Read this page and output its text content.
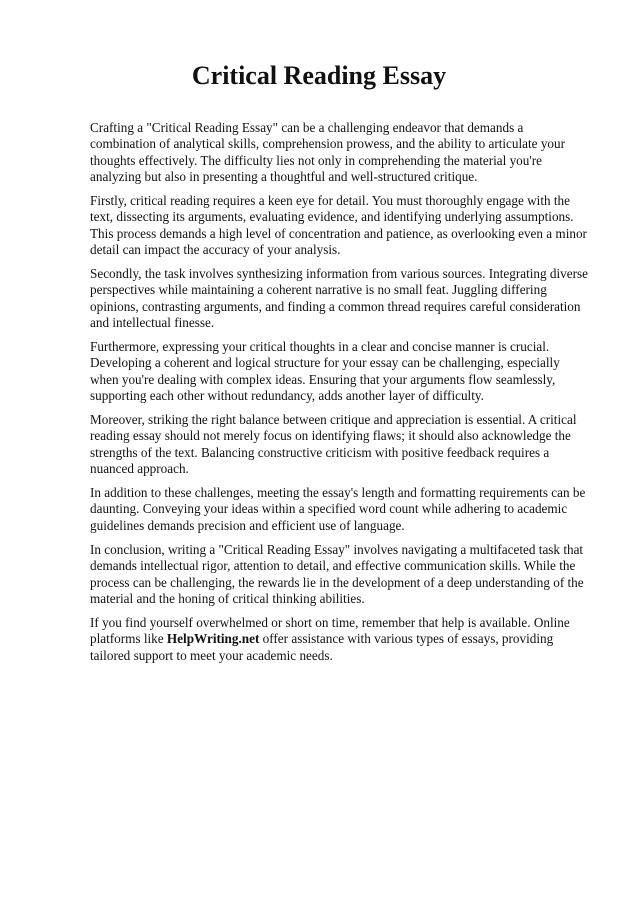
Critical Reading Essay

Crafting a "Critical Reading Essay" can be a challenging endeavor that demands a combination of analytical skills, comprehension prowess, and the ability to articulate your thoughts effectively. The difficulty lies not only in comprehending the material you're analyzing but also in presenting a thoughtful and well-structured critique.

Firstly, critical reading requires a keen eye for detail. You must thoroughly engage with the text, dissecting its arguments, evaluating evidence, and identifying underlying assumptions. This process demands a high level of concentration and patience, as overlooking even a minor detail can impact the accuracy of your analysis.

Secondly, the task involves synthesizing information from various sources. Integrating diverse perspectives while maintaining a coherent narrative is no small feat. Juggling differing opinions, contrasting arguments, and finding a common thread requires careful consideration and intellectual finesse.

Furthermore, expressing your critical thoughts in a clear and concise manner is crucial. Developing a coherent and logical structure for your essay can be challenging, especially when you're dealing with complex ideas. Ensuring that your arguments flow seamlessly, supporting each other without redundancy, adds another layer of difficulty.

Moreover, striking the right balance between critique and appreciation is essential. A critical reading essay should not merely focus on identifying flaws; it should also acknowledge the strengths of the text. Balancing constructive criticism with positive feedback requires a nuanced approach.

In addition to these challenges, meeting the essay's length and formatting requirements can be daunting. Conveying your ideas within a specified word count while adhering to academic guidelines demands precision and efficient use of language.

In conclusion, writing a "Critical Reading Essay" involves navigating a multifaceted task that demands intellectual rigor, attention to detail, and effective communication skills. While the process can be challenging, the rewards lie in the development of a deep understanding of the material and the honing of critical thinking abilities.

If you find yourself overwhelmed or short on time, remember that help is available. Online platforms like HelpWriting.net offer assistance with various types of essays, providing tailored support to meet your academic needs.
